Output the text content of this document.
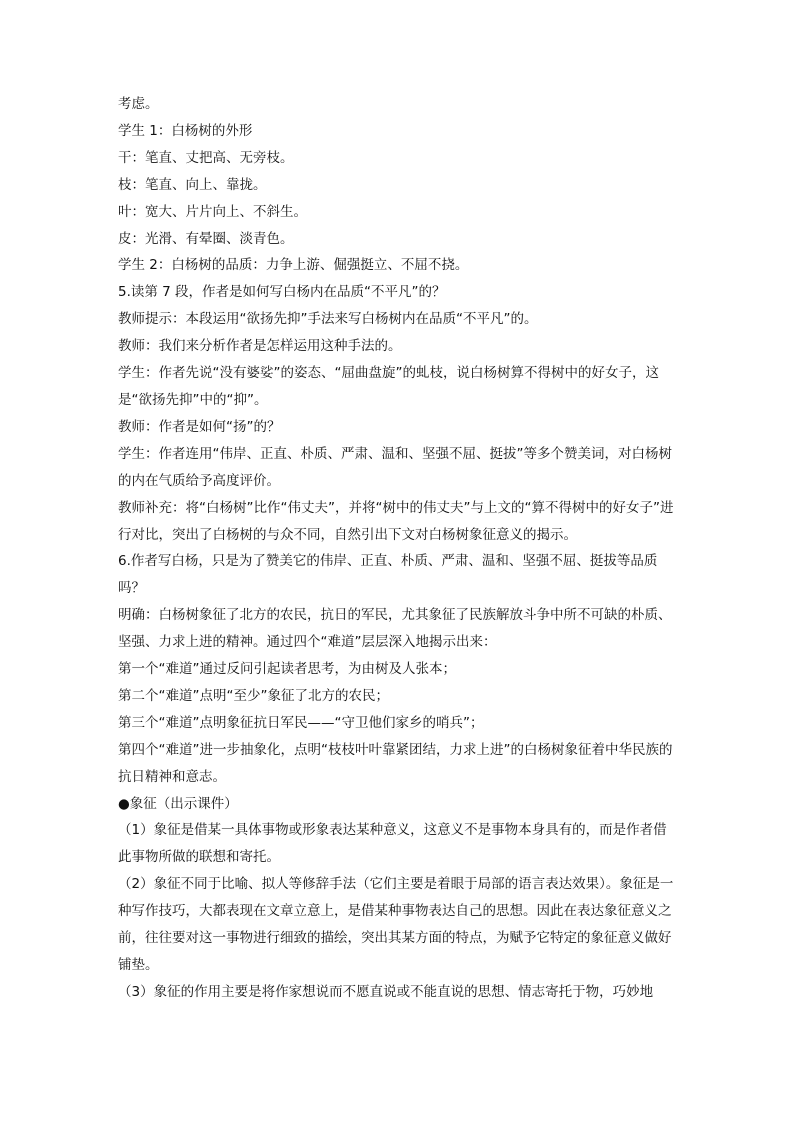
考虑。

学生 1：白杨树的外形

干：笔直、丈把高、无旁枝。

枝：笔直、向上、靠拢。

叶：宽大、片片向上、不斜生。

皮：光滑、有晕圈、淡青色。

学生 2：白杨树的品质：力争上游、倔强挺立、不屈不挠。

5.读第 7 段，作者是如何写白杨内在品质“不平凡”的？

教师提示：本段运用“欲扬先抑”手法来写白杨树内在品质“不平凡”的。

教师：我们来分析作者是怎样运用这种手法的。

学生：作者先说“没有婆娑”的姿态、“屈曲盘旋”的虬枝，说白杨树算不得树中的好女子，这是“欲扬先抑”中的“抑”。

教师：作者是如何“扬”的？

学生：作者连用“伟岸、正直、朴质、严肃、温和、坚强不屈、挺拔”等多个赞美词，对白杨树的内在气质给予高度评价。

教师补充：将“白杨树”比作“伟丈夫”，并将“树中的伟丈夫”与上文的“算不得树中的好女子”进行对比，突出了白杨树的与众不同，自然引出下文对白杨树象征意义的揭示。

6.作者写白杨，只是为了赞美它的伟岸、正直、朴质、严肃、温和、坚强不屈、挺拔等品质吗？

明确：白杨树象征了北方的农民，抗日的军民，尤其象征了民族解放斗争中所不可缺的朴质、坚强、力求上进的精神。通过四个“难道”层层深入地揭示出来：

第一个“难道”通过反问引起读者思考，为由树及人张本；

第二个“难道”点明“至少”象征了北方的农民；

第三个“难道”点明象征抗日军民——“守卫他们家乡的哨兵”；

第四个“难道”进一步抽象化，点明“枝枝叶叶靠紧团结，力求上进”的白杨树象征着中华民族的抗日精神和意志。

●象征（出示课件）

（1）象征是借某一具体事物或形象表达某种意义，这意义不是事物本身具有的，而是作者借此事物所做的联想和寄托。

（2）象征不同于比喻、拟人等修辞手法（它们主要是着眼于局部的语言表达效果）。象征是一种写作技巧，大都表现在文章立意上，是借某种事物表达自己的思想。因此在表达象征意义之前，往往要对这一事物进行细致的描绘，突出其某方面的特点，为赋予它特定的象征意义做好铺垫。

（3）象征的作用主要是将作家想说而不愿直说或不能直说的思想、情志寄托于物，巧妙地
